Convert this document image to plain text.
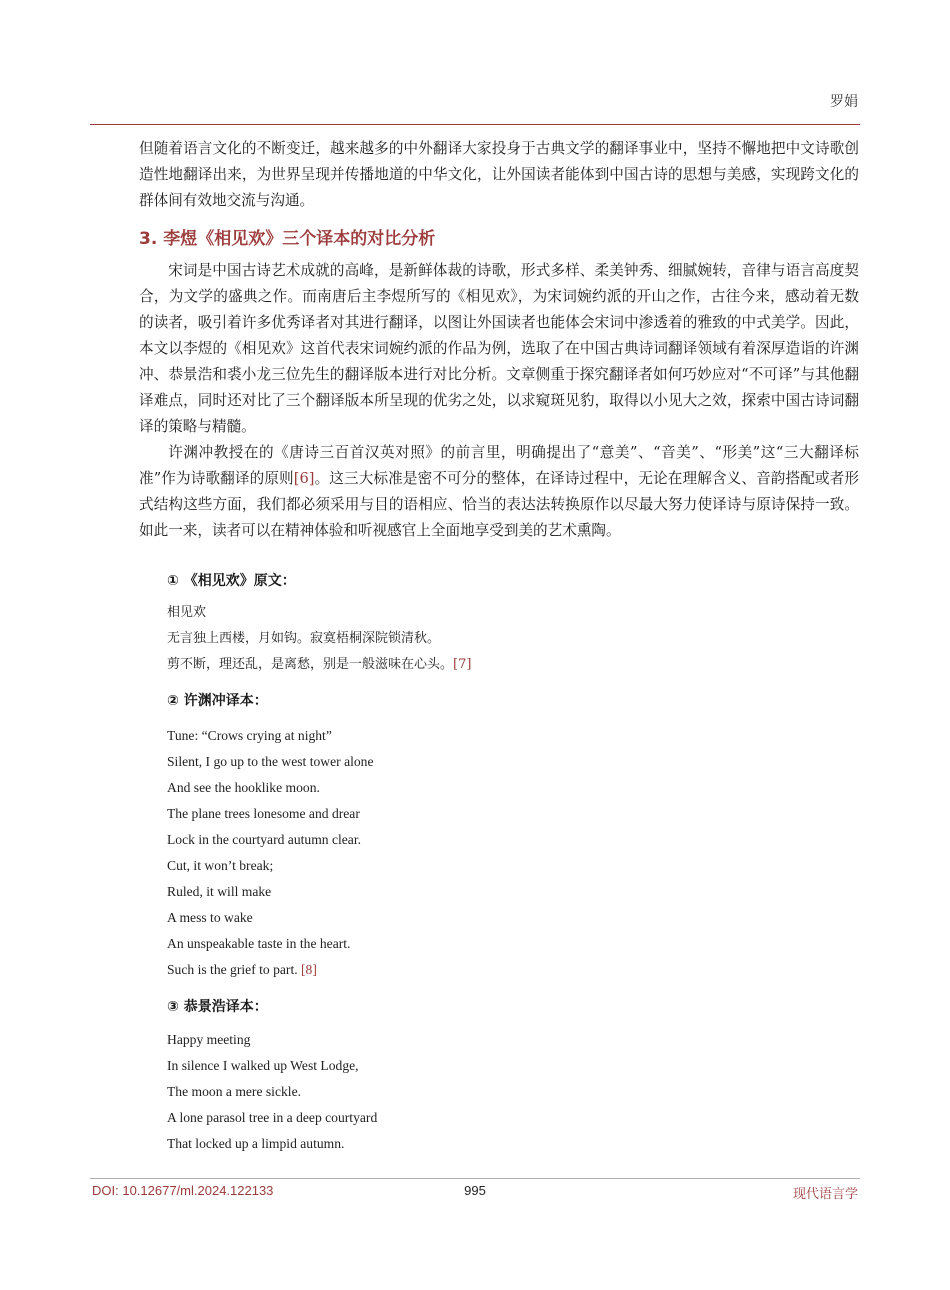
罗娟

但随着语言文化的不断变迁，越来越多的中外翻译大家投身于古典文学的翻译事业中，坚持不懈地把中文诗歌创造性地翻译出来，为世界呈现并传播地道的中华文化，让外国读者能体到中国古诗的思想与美感，实现跨文化的群体间有效地交流与沟通。

3. 李煜《相见欢》三个译本的对比分析

宋词是中国古诗艺术成就的高峰，是新鲜体裁的诗歌，形式多样、柔美钟秀、细腻婉转，音律与语言高度契合，为文学的盛典之作。而南唐后主李煜所写的《相见欢》，为宋词婉约派的开山之作，古往今来，感动着无数的读者，吸引着许多优秀译者对其进行翻译，以图让外国读者也能体会宋词中渗透着的雅致的中式美学。因此，本文以李煜的《相见欢》这首代表宋词婉约派的作品为例，选取了在中国古典诗词翻译领域有着深厚造诣的许渊冲、恭景浩和裘小龙三位先生的翻译版本进行对比分析。文章侧重于探究翻译者如何巧妙应对“不可译”与其他翻译难点，同时还对比了三个翻译版本所呈现的优劣之处，以求窥斑见豹，取得以小见大之效，探索中国古诗词翻译的策略与精髓。

许渊冲教授在的《唐诗三百首汉英对照》的前言里，明确提出了“意美”、“音美”、“形美”这“三大翻译标准”作为诗歌翻译的原则[6]。这三大标准是密不可分的整体，在译诗过程中，无论在理解含义、音韵搭配或者形式结构这些方面，我们都必须采用与目的语相应、恰当的表达法转换原作以尽最大努力使译诗与原诗保持一致。如此一来，读者可以在精神体验和听视感官上全面地享受到美的艺术熏陶。

① 《相见欢》原文：
相见欢
无言独上西楼，月如钩。寂寞梧桐深院锁清秋。
剪不断，理还乱，是离愁，别是一般滋味在心头。[7]
② 许渊冲译本：
Tune: “Crows crying at night”
Silent, I go up to the west tower alone
And see the hooklike moon.
The plane trees lonesome and drear
Lock in the courtyard autumn clear.
Cut, it won’t break;
Ruled, it will make
A mess to wake
An unspeakable taste in the heart.
Such is the grief to part. [8]
③ 恭景浩译本：
Happy meeting
In silence I walked up West Lodge,
The moon a mere sickle.
A lone parasol tree in a deep courtyard
That locked up a limpid autumn.
DOI: 10.12677/ml.2024.122133	995	现代语言学
